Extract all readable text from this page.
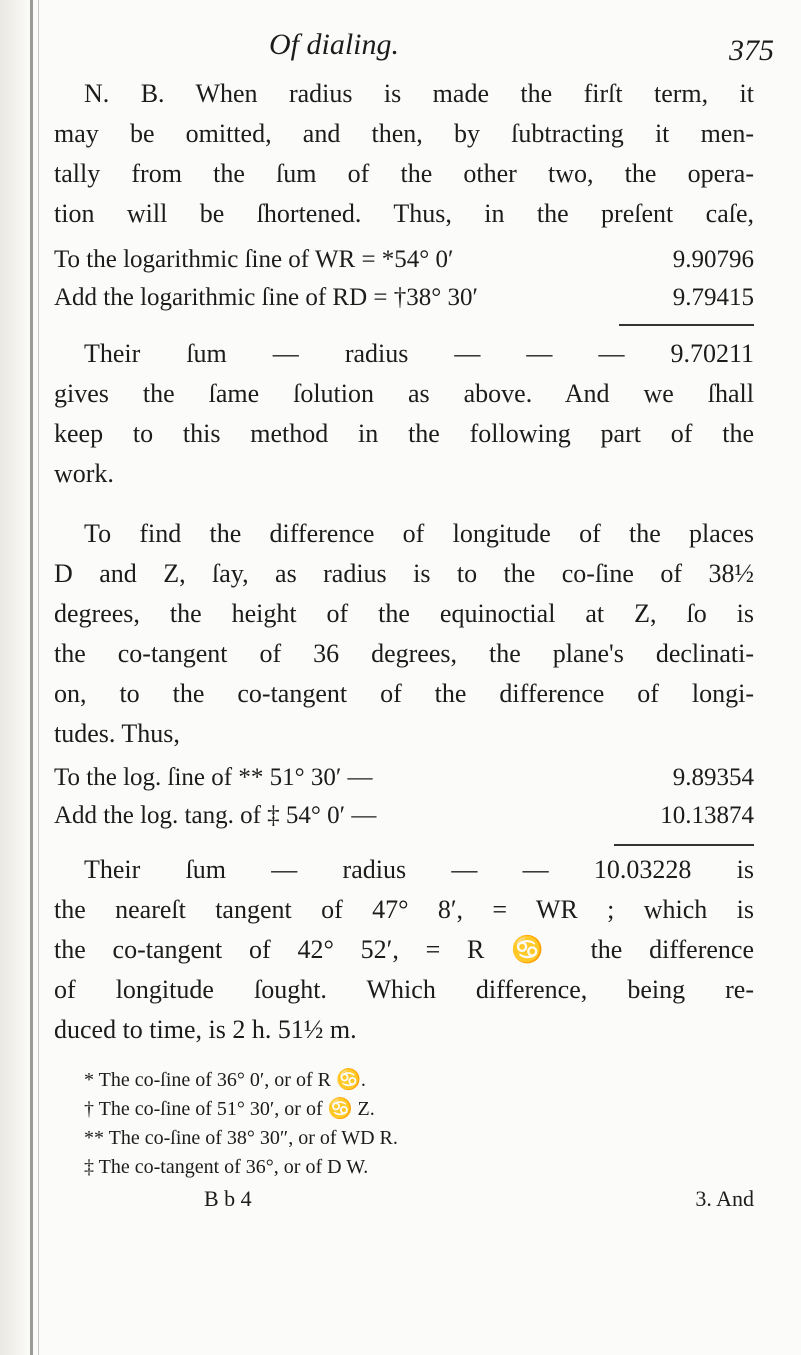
Of dialing.	375
N. B. When radius is made the firſt term, it
may be omitted, and then, by ſubtracting it men-
tally from the ſum of the other two, the opera-
tion will be ſhortened. Thus, in the preſent caſe,
To the logarithmic ſine of WR = *54° 0′	9.90796
Add the logarithmic ſine of RD = †38° 30′	9.79415
Their ſum — radius — — — 9.70211
gives the ſame ſolution as above. And we ſhall
keep to this method in the following part of the
work.
To find the difference of longitude of the places
D and Z, ſay, as radius is to the co-ſine of 38½
degrees, the height of the equinoctial at Z, ſo is
the co-tangent of 36 degrees, the plane's declinati-
on, to the co-tangent of the difference of longi-
tudes. Thus,
To the log. ſine of ** 51° 30′ —	9.89354
Add the log. tang. of ‡ 54° 0′ —	10.13874
Their ſum — radius — — 10.03228 is
the neareſt tangent of 47° 8′, = WR ; which is
the co-tangent of 42° 52′, = R ♋ the difference
of longitude ſought. Which difference, being re-
duced to time, is 2 h. 51½ m.
* The co-ſine of 36° 0′, or of R ♋.
† The co-ſine of 51° 30′, or of ♋ Z.
** The co-ſine of 38° 30″, or of WD R.
‡ The co-tangent of 36°, or of D W.
B b 4	3. And
